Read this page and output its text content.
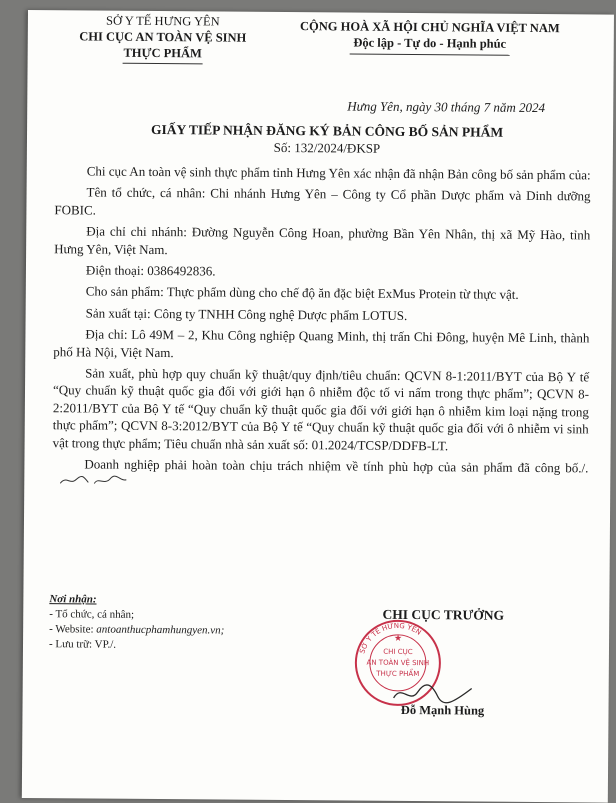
SỞ Y TẾ HƯNG YÊN
CHI CỤC AN TOÀN VỆ SINH
THỰC PHẨM
CỘNG HOÀ XÃ HỘI CHỦ NGHĨA VIỆT NAM
Độc lập - Tự do - Hạnh phúc
Hưng Yên, ngày 30 tháng 7 năm 2024
GIẤY TIẾP NHẬN ĐĂNG KÝ BẢN CÔNG BỐ SẢN PHẨM
Số: 132/2024/ĐKSP

Chi cục An toàn vệ sinh thực phẩm tỉnh Hưng Yên xác nhận đã nhận Bản công bố sản phẩm của:

Tên tổ chức, cá nhân: Chi nhánh Hưng Yên – Công ty Cổ phần Dược phẩm và Dinh dưỡng FOBIC.

Địa chỉ chi nhánh: Đường Nguyễn Công Hoan, phường Bần Yên Nhân, thị xã Mỹ Hào, tỉnh Hưng Yên, Việt Nam.

Điện thoại: 0386492836.

Cho sản phẩm: Thực phẩm dùng cho chế độ ăn đặc biệt ExMus Protein từ thực vật.

Sản xuất tại: Công ty TNHH Công nghệ Dược phẩm LOTUS.

Địa chỉ: Lô 49M – 2, Khu Công nghiệp Quang Minh, thị trấn Chi Đông, huyện Mê Linh, thành phố Hà Nội, Việt Nam.

Sản xuất, phù hợp quy chuẩn kỹ thuật/quy định/tiêu chuẩn: QCVN 8-1:2011/BYT của Bộ Y tế “Quy chuẩn kỹ thuật quốc gia đối với giới hạn ô nhiễm độc tố vi nấm trong thực phẩm”; QCVN 8-2:2011/BYT của Bộ Y tế “Quy chuẩn kỹ thuật quốc gia đối với giới hạn ô nhiễm kim loại nặng trong thực phẩm”; QCVN 8-3:2012/BYT của Bộ Y tế “Quy chuẩn kỹ thuật quốc gia đối với ô nhiễm vi sinh vật trong thực phẩm; Tiêu chuẩn nhà sản xuất số: 01.2024/TCSP/DDFB-LT.

Doanh nghiệp phải hoàn toàn chịu trách nhiệm về tính phù hợp của sản phẩm đã công bố./.

Nơi nhận:
- Tổ chức, cá nhân;
- Website: antoanthucphamhungyen.vn;
- Lưu trữ: VP./.
CHI CỤC TRƯỞNG
SỞ Y TẾ HƯNG YÊN
CHI CỤC
AN TOÀN VỆ SINH
THỰC PHẨM
★
Đỗ Mạnh Hùng
